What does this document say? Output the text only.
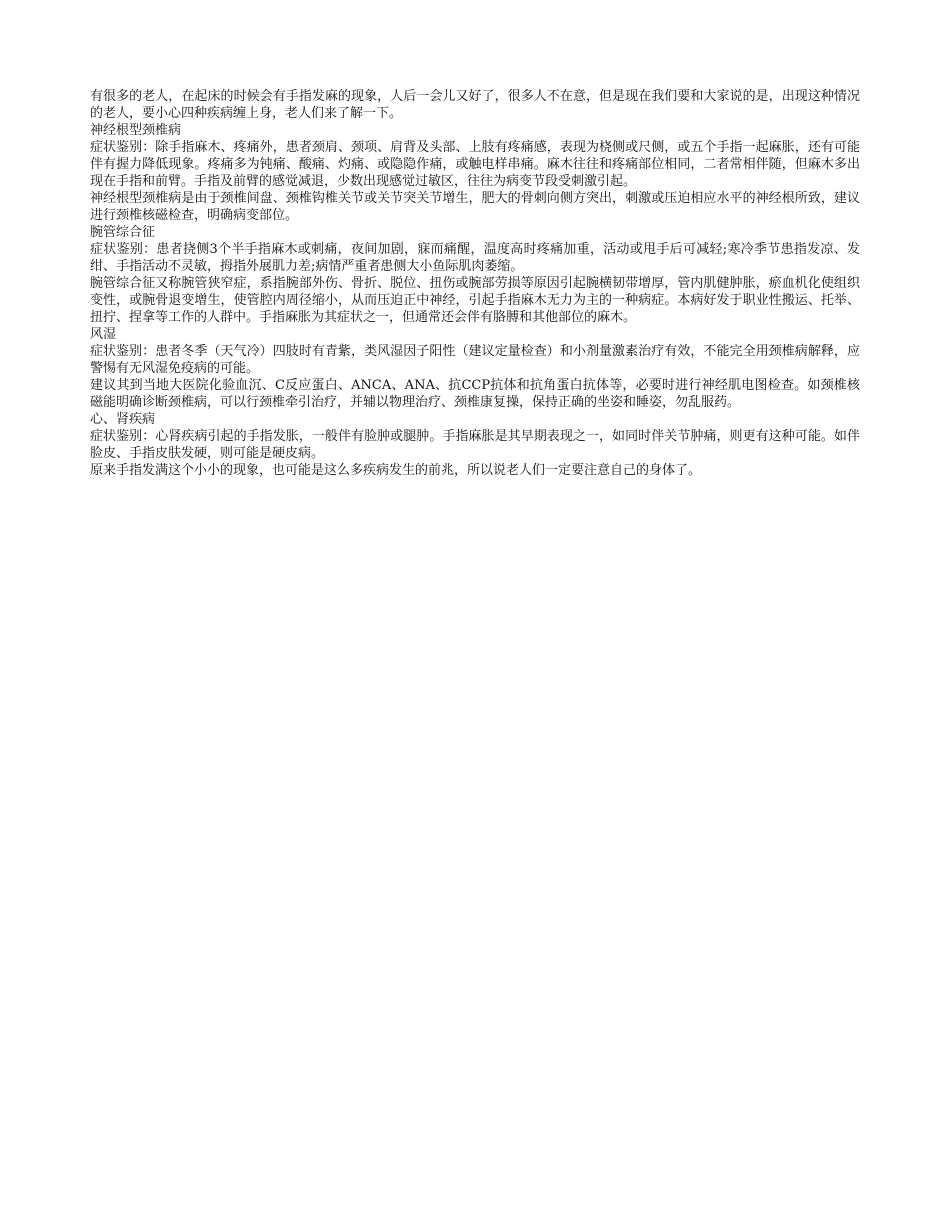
有很多的老人，在起床的时候会有手指发麻的现象，人后一会儿又好了，很多人不在意，但是现在我们要和大家说的是，出现这种情况的老人，要小心四种疾病缠上身，老人们来了解一下。

神经根型颈椎病

症状鉴别：除手指麻木、疼痛外，患者颈肩、颈项、肩背及头部、上肢有疼痛感，表现为桡侧或尺侧，或五个手指一起麻胀，还有可能伴有握力降低现象。疼痛多为钝痛、酸痛、灼痛、或隐隐作痛，或触电样串痛。麻木往往和疼痛部位相同，二者常相伴随，但麻木多出现在手指和前臂。手指及前臂的感觉减退，少数出现感觉过敏区，往往为病变节段受刺激引起。

神经根型颈椎病是由于颈椎间盘、颈椎钩椎关节或关节突关节增生，肥大的骨刺向侧方突出，刺激或压迫相应水平的神经根所致，建议进行颈椎核磁检查，明确病变部位。

腕管综合征

症状鉴别：患者挠侧3个半手指麻木或刺痛，夜间加剧，寐而痛醒，温度高时疼痛加重，活动或甩手后可减轻;寒冷季节患指发凉、发绀、手指活动不灵敏，拇指外展肌力差;病情严重者患侧大小鱼际肌肉萎缩。

腕管综合征又称腕管狭窄症，系指腕部外伤、骨折、脱位、扭伤或腕部劳损等原因引起腕横韧带增厚，管内肌健肿胀，瘀血机化使组织变性，或腕骨退变增生，使管腔内周径缩小，从而压迫正中神经，引起手指麻木无力为主的一种病症。本病好发于职业性搬运、托举、扭拧、捏拿等工作的人群中。手指麻胀为其症状之一，但通常还会伴有胳膊和其他部位的麻木。

风湿

症状鉴别：患者冬季（天气冷）四肢时有青紫，类风湿因子阳性（建议定量检查）和小剂量激素治疗有效，不能完全用颈椎病解释，应警惕有无风湿免疫病的可能。

建议其到当地大医院化验血沉、C反应蛋白、ANCA、ANA、抗CCP抗体和抗角蛋白抗体等，必要时进行神经肌电图检查。如颈椎核磁能明确诊断颈椎病，可以行颈椎牵引治疗，并辅以物理治疗、颈椎康复操，保持正确的坐姿和睡姿，勿乱服药。

心、肾疾病

症状鉴别：心肾疾病引起的手指发胀，一般伴有脸肿或腿肿。手指麻胀是其早期表现之一，如同时伴关节肿痛，则更有这种可能。如伴脸皮、手指皮肤发硬，则可能是硬皮病。

原来手指发满这个小小的现象，也可能是这么多疾病发生的前兆，所以说老人们一定要注意自己的身体了。
